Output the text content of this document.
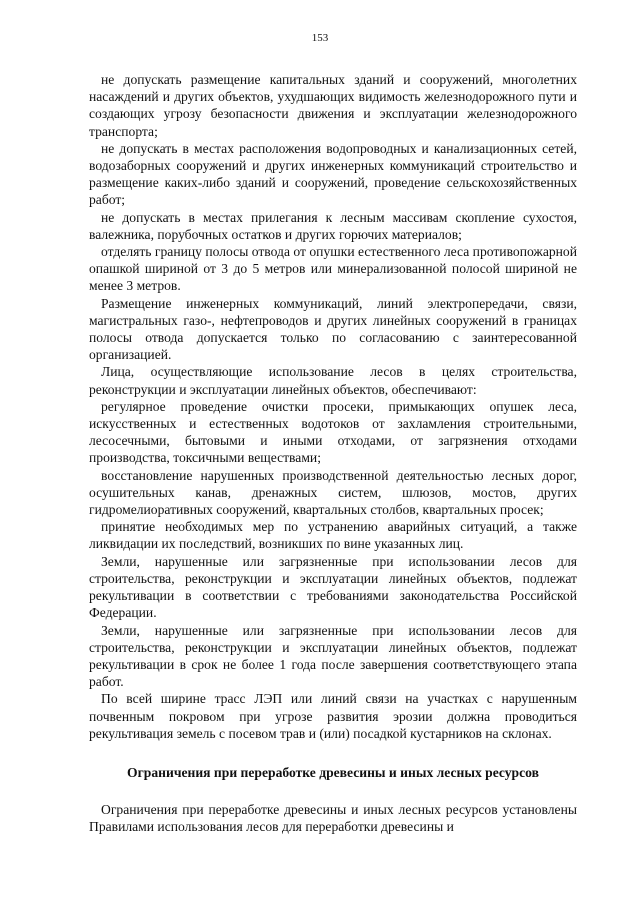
153

не допускать размещение капитальных зданий и сооружений, многолетних насаждений и других объектов, ухудшающих видимость железнодорожного пути и создающих угрозу безопасности движения и эксплуатации железнодорожного транспорта;

не допускать в местах расположения водопроводных и канализационных сетей, водозаборных сооружений и других инженерных коммуникаций строительство и размещение каких-либо зданий и сооружений, проведение сельскохозяйственных работ;

не допускать в местах прилегания к лесным массивам скопление сухостоя, валежника, порубочных остатков и других горючих материалов;

отделять границу полосы отвода от опушки естественного леса противопожарной опашкой шириной от 3 до 5 метров или минерализованной полосой шириной не менее 3 метров.

Размещение инженерных коммуникаций, линий электропередачи, связи, магистральных газо-, нефтепроводов и других линейных сооружений в границах полосы отвода допускается только по согласованию с заинтересованной организацией.

Лица, осуществляющие использование лесов в целях строительства, реконструкции и эксплуатации линейных объектов, обеспечивают:

регулярное проведение очистки просеки, примыкающих опушек леса, искусственных и естественных водотоков от захламления строительными, лесосечными, бытовыми и иными отходами, от загрязнения отходами производства, токсичными веществами;

восстановление нарушенных производственной деятельностью лесных дорог, осушительных канав, дренажных систем, шлюзов, мостов, других гидромелиоративных сооружений, квартальных столбов, квартальных просек;

принятие необходимых мер по устранению аварийных ситуаций, а также ликвидации их последствий, возникших по вине указанных лиц.

Земли, нарушенные или загрязненные при использовании лесов для строительства, реконструкции и эксплуатации линейных объектов, подлежат рекультивации в соответствии с требованиями законодательства Российской Федерации.

Земли, нарушенные или загрязненные при использовании лесов для строительства, реконструкции и эксплуатации линейных объектов, подлежат рекультивации в срок не более 1 года после завершения соответствующего этапа работ.

По всей ширине трасс ЛЭП или линий связи на участках с нарушенным почвенным покровом при угрозе развития эрозии должна проводиться рекультивация земель с посевом трав и (или) посадкой кустарников на склонах.

Ограничения при переработке древесины и иных лесных ресурсов

Ограничения при переработке древесины и иных лесных ресурсов установлены Правилами использования лесов для переработки древесины и
